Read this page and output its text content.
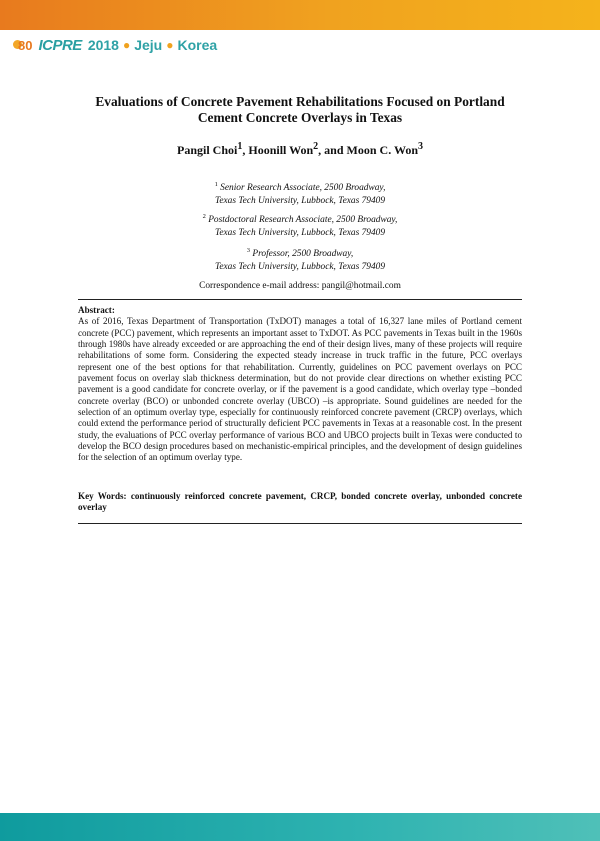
80 ICPRE 2018 ● Jeju ● Korea
Evaluations of Concrete Pavement Rehabilitations Focused on Portland
Cement Concrete Overlays in Texas
Pangil Choi$^1$, Hoonill Won$^2$, and Moon C. Won$^3$
$^1$ Senior Research Associate, 2500 Broadway,
Texas Tech University, Lubbock, Texas 79409
$^2$ Postdoctoral Research Associate, 2500 Broadway,
Texas Tech University, Lubbock, Texas 79409
$^3$ Professor, 2500 Broadway,
Texas Tech University, Lubbock, Texas 79409
Correspondence e-mail address: pangil@hotmail.com
Abstract:
As of 2016, Texas Department of Transportation (TxDOT) manages a total of 16,327 lane miles of Portland cement concrete (PCC) pavement, which represents an important asset to TxDOT. As PCC pavements in Texas built in the 1960s through 1980s have already exceeded or are approaching the end of their design lives, many of these projects will require rehabilitations of some form. Considering the expected steady increase in truck traffic in the future, PCC overlays represent one of the best options for that rehabilitation. Currently, guidelines on PCC pavement overlays on PCC pavement focus on overlay slab thickness determination, but do not provide clear directions on whether existing PCC pavement is a good candidate for concrete overlay, or if the pavement is a good candidate, which overlay type –bonded concrete overlay (BCO) or unbonded concrete overlay (UBCO) –is appropriate. Sound guidelines are needed for the selection of an optimum overlay type, especially for continuously reinforced concrete pavement (CRCP) overlays, which could extend the performance period of structurally deficient PCC pavements in Texas at a reasonable cost. In the present study, the evaluations of PCC overlay performance of various BCO and UBCO projects built in Texas were conducted to develop the BCO design procedures based on mechanistic-empirical principles, and the development of design guidelines for the selection of an optimum overlay type.
Key Words: continuously reinforced concrete pavement, CRCP, bonded concrete overlay, unbonded concrete overlay
